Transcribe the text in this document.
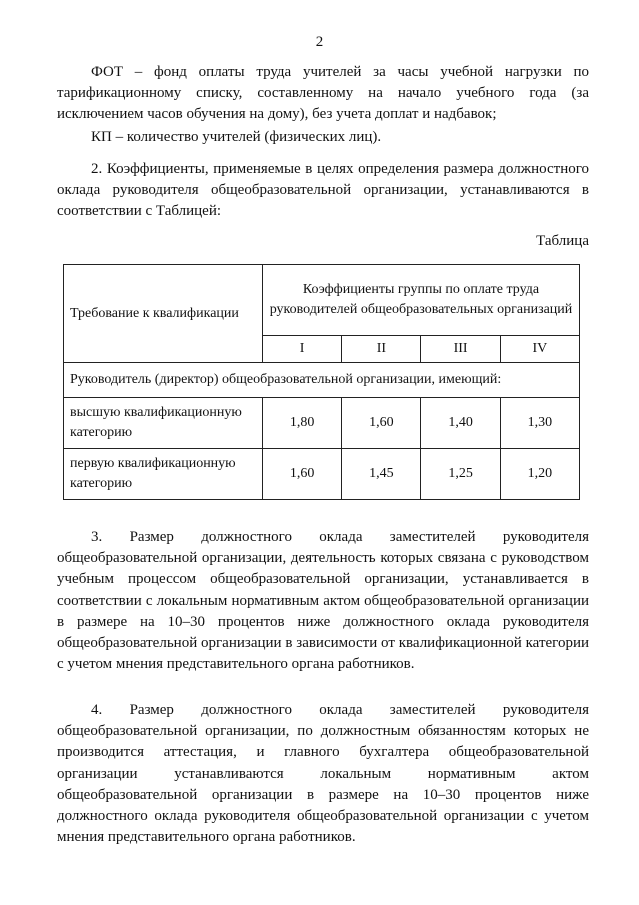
2

ФОТ – фонд оплаты труда учителей за часы учебной нагрузки по тарификационному списку, составленному на начало учебного года (за исключением часов обучения на дому), без учета доплат и надбавок;

КП – количество учителей (физических лиц).

2. Коэффициенты, применяемые в целях определения размера должностного оклада руководителя общеобразовательной организации, устанавливаются в соответствии с Таблицей:

Таблица
Требование к квалификации	Коэффициенты группы по оплате труда руководителей общеобразовательных организаций			
	I	II	III	IV
Руководитель (директор) общеобразовательной организации, имеющий:				
высшую квалификационную категорию	1,80	1,60	1,40	1,30
первую квалификационную категорию	1,60	1,45	1,25	1,20

3. Размер должностного оклада заместителей руководителя общеобразовательной организации, деятельность которых связана с руководством учебным процессом общеобразовательной организации, устанавливается в соответствии с локальным нормативным актом общеобразовательной организации в размере на 10–30 процентов ниже должностного оклада руководителя общеобразовательной организации в зависимости от квалификационной категории с учетом мнения представительного органа работников.

4. Размер должностного оклада заместителей руководителя общеобразовательной организации, по должностным обязанностям которых не производится аттестация, и главного бухгалтера общеобразовательной организации устанавливаются локальным нормативным актом общеобразовательной организации в размере на 10–30 процентов ниже должностного оклада руководителя общеобразовательной организации с учетом мнения представительного органа работников.
